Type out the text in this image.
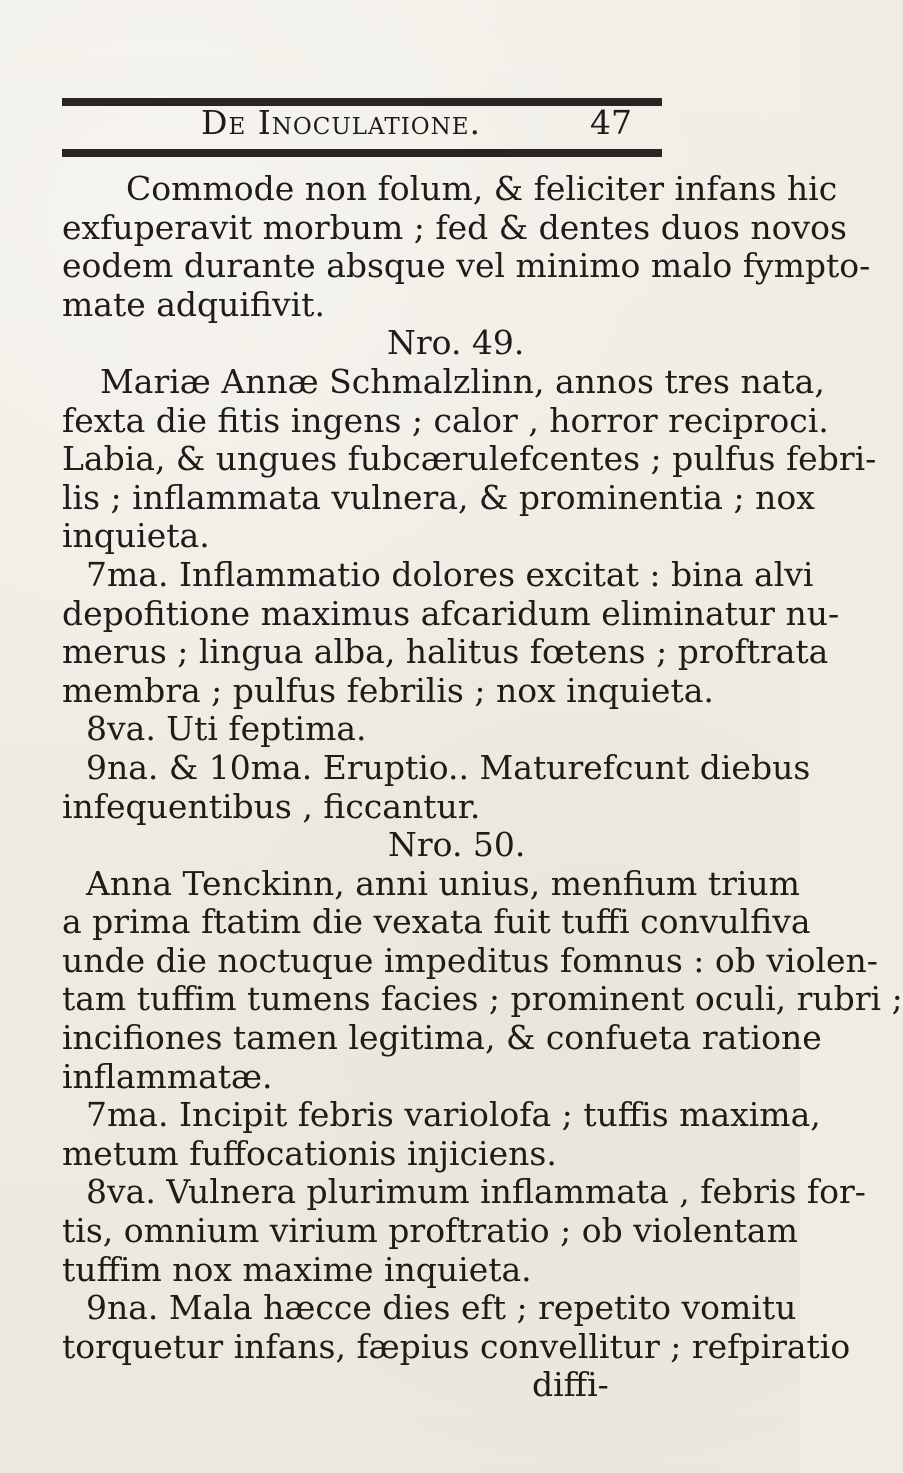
De Inoculatione.	47
Commode non folum, & feliciter infans hic
exfuperavit morbum ; fed & dentes duos novos
eodem durante absque vel minimo malo fympto-
mate adquifivit.
Nro. 49.
Mariæ Annæ Schmalzlinn, annos tres nata,
fexta die fitis ingens ; calor , horror reciproci.
Labia, & ungues fubcærulefcentes ; pulfus febri-
lis ; inflammata vulnera, & prominentia ; nox
inquieta.
7ma. Inflammatio dolores excitat : bina alvi
depofitione maximus afcaridum eliminatur nu-
merus ; lingua alba, halitus fœtens ; proftrata
membra ; pulfus febrilis ; nox inquieta.
8va. Uti feptima.
9na. & 10ma. Eruptio.. Maturefcunt diebus
infequentibus , ficcantur.
Nro. 50.
Anna Tenckinn, anni unius, menfium trium
a prima ftatim die vexata fuit tuffi convulfiva
unde die noctuque impeditus fomnus : ob violen-
tam tuffim tumens facies ; prominent oculi, rubri ;
incifiones tamen legitima, & confueta ratione
inflammatæ.
7ma. Incipit febris variolofa ; tuffis maxima,
metum fuffocationis injiciens.
8va. Vulnera plurimum inflammata , febris for-
tis, omnium virium proftratio ; ob violentam
tuffim nox maxime inquieta.
9na. Mala hæcce dies eft ; repetito vomitu
torquetur infans, fæpius convellitur ; refpiratio
diffi-
